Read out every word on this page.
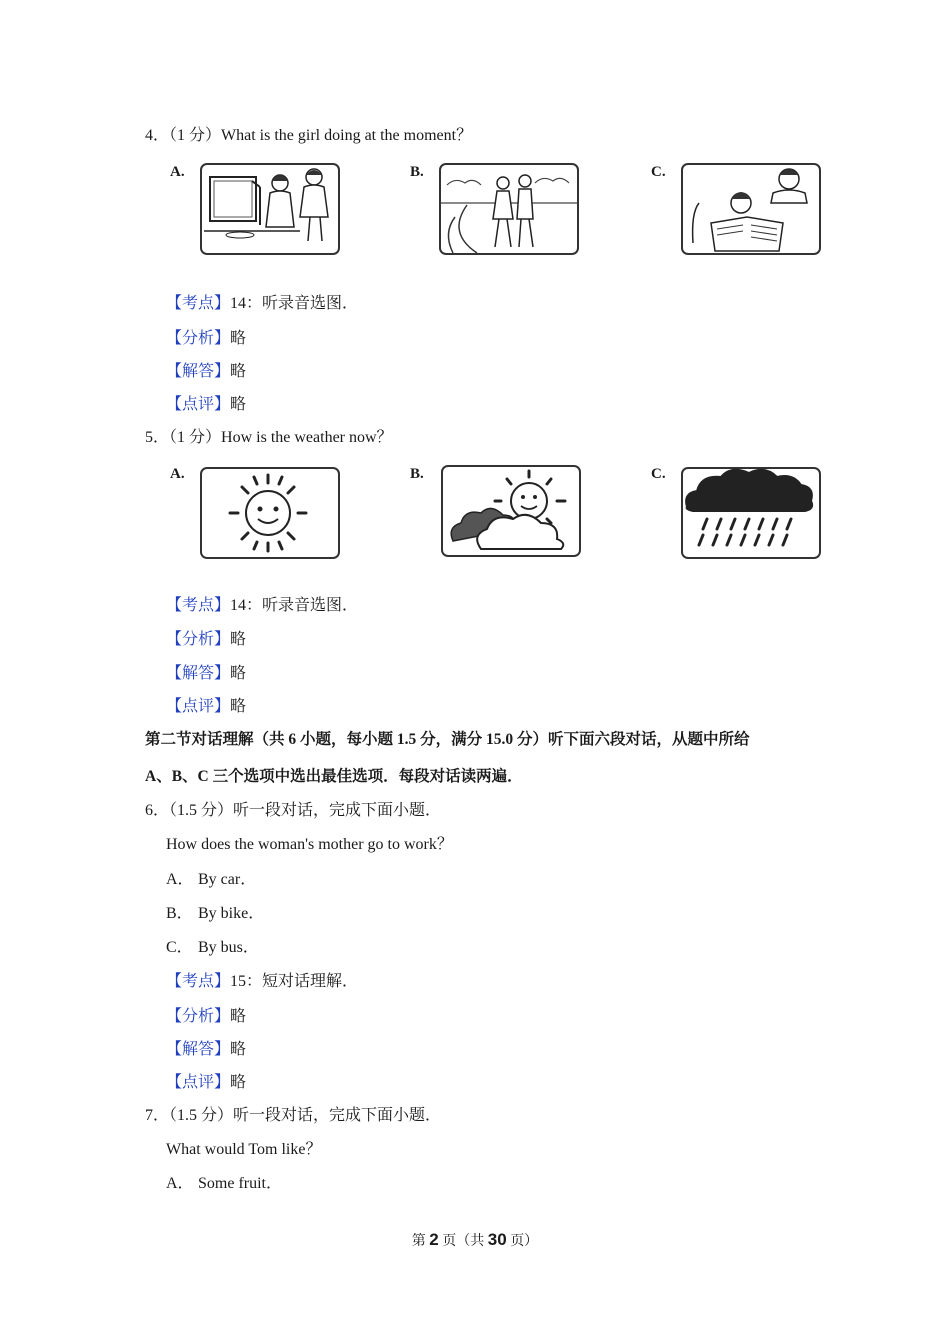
4．（1 分）What is the girl doing at the moment？
A.	B.	C.
【考点】14：听录音选图．
【分析】略
【解答】略
【点评】略
5．（1 分）How is the weather now？
A.	B.	C.
【考点】14：听录音选图．
【分析】略
【解答】略
【点评】略
第二节对话理解（共 6 小题，每小题 1.5 分，满分 15.0 分）听下面六段对话，从题中所给
A、B、C 三个选项中选出最佳选项．每段对话读两遍．
6．（1.5 分）听一段对话，完成下面小题．
How does the woman's mother go to work？
A． By car．
B． By bike．
C． By bus．
【考点】15：短对话理解．
【分析】略
【解答】略
【点评】略
7．（1.5 分）听一段对话，完成下面小题．
What would Tom like？
A． Some fruit．
第 2 页（共 30 页）
